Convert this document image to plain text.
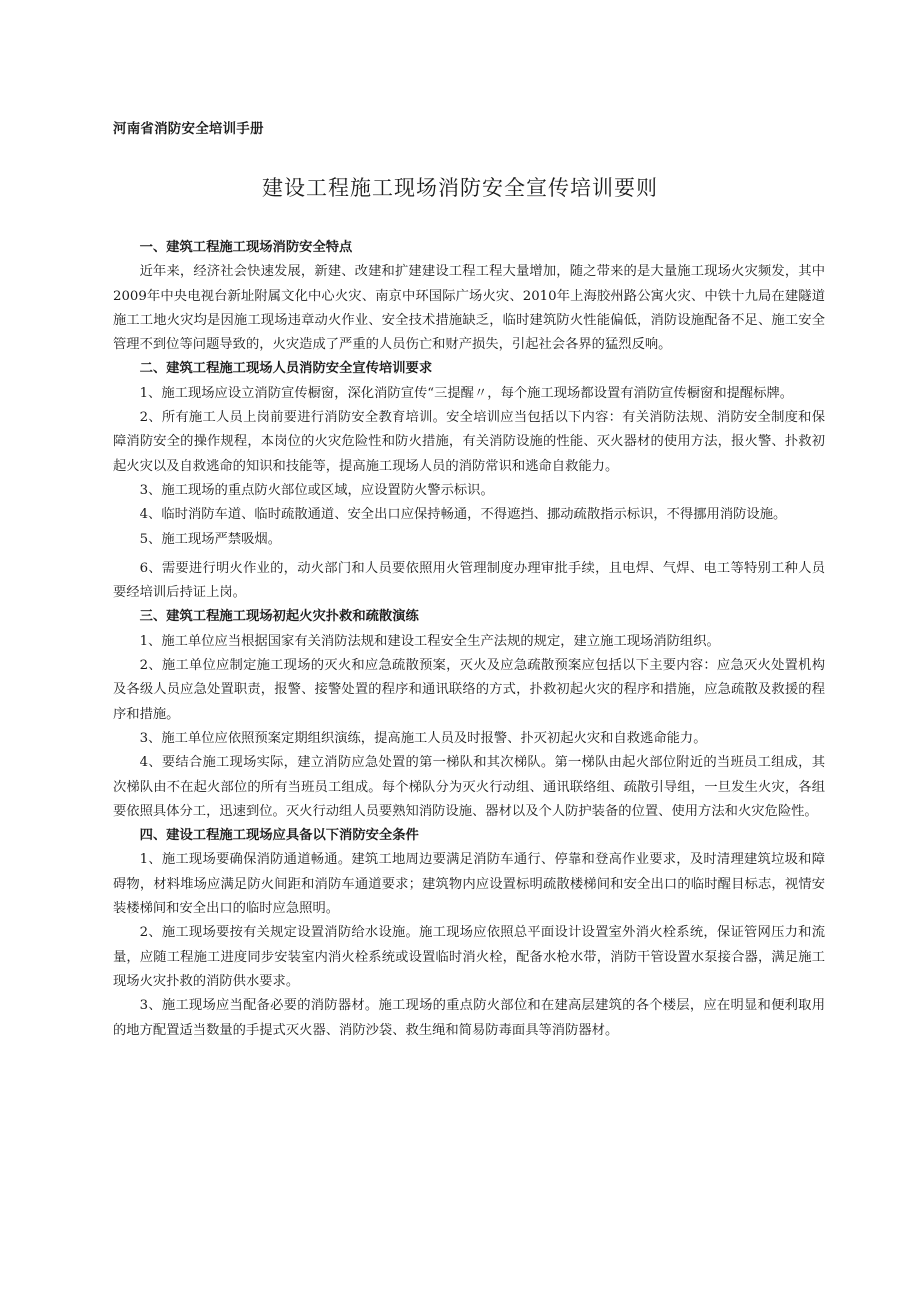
河南省消防安全培训手册
建设工程施工现场消防安全宣传培训要则

一、建筑工程施工现场消防安全特点

近年来，经济社会快速发展，新建、改建和扩建建设工程工程大量增加，随之带来的是大量施工现场火灾频发，其中2009年中央电视台新址附属文化中心火灾、南京中环国际广场火灾、2010年上海胶州路公寓火灾、中铁十九局在建隧道施工工地火灾均是因施工现场违章动火作业、安全技术措施缺乏，临时建筑防火性能偏低，消防设施配备不足、施工安全管理不到位等问题导致的，火灾造成了严重的人员伤亡和财产损失，引起社会各界的猛烈反响。

二、建筑工程施工现场人员消防安全宣传培训要求

1、施工现场应设立消防宣传橱窗，深化消防宣传“三提醒〃，每个施工现场都设置有消防宣传橱窗和提醒标牌。

2、所有施工人员上岗前要进行消防安全教育培训。安全培训应当包括以下内容：有关消防法规、消防安全制度和保障消防安全的操作规程，本岗位的火灾危险性和防火措施，有关消防设施的性能、灭火器材的使用方法，报火警、扑救初起火灾以及自救逃命的知识和技能等，提高施工现场人员的消防常识和逃命自救能力。

3、施工现场的重点防火部位或区域，应设置防火警示标识。

4、临时消防车道、临时疏散通道、安全出口应保持畅通，不得遮挡、挪动疏散指示标识，不得挪用消防设施。

5、施工现场严禁吸烟。

6、需要进行明火作业的，动火部门和人员要依照用火管理制度办理审批手续，且电焊、气焊、电工等特别工种人员要经培训后持证上岗。

三、建筑工程施工现场初起火灾扑救和疏散演练

1、施工单位应当根据国家有关消防法规和建设工程安全生产法规的规定，建立施工现场消防组织。

2、施工单位应制定施工现场的灭火和应急疏散预案，灭火及应急疏散预案应包括以下主要内容：应急灭火处置机构及各级人员应急处置职责，报警、接警处置的程序和通讯联络的方式，扑救初起火灾的程序和措施，应急疏散及救援的程序和措施。

3、施工单位应依照预案定期组织演练，提高施工人员及时报警、扑灭初起火灾和自救逃命能力。

4、要结合施工现场实际，建立消防应急处置的第一梯队和其次梯队。第一梯队由起火部位附近的当班员工组成，其次梯队由不在起火部位的所有当班员工组成。每个梯队分为灭火行动组、通讯联络组、疏散引导组，一旦发生火灾，各组要依照具体分工，迅速到位。灭火行动组人员要熟知消防设施、器材以及个人防护装备的位置、使用方法和火灾危险性。

四、建设工程施工现场应具备以下消防安全条件

1、施工现场要确保消防通道畅通。建筑工地周边要满足消防车通行、停靠和登高作业要求，及时清理建筑垃圾和障碍物，材料堆场应满足防火间距和消防车通道要求；建筑物内应设置标明疏散楼梯间和安全出口的临时醒目标志，视情安装楼梯间和安全出口的临时应急照明。

2、施工现场要按有关规定设置消防给水设施。施工现场应依照总平面设计设置室外消火栓系统，保证管网压力和流量，应随工程施工进度同步安装室内消火栓系统或设置临时消火栓，配备水枪水带，消防干管设置水泵接合器，满足施工现场火灾扑救的消防供水要求。

3、施工现场应当配备必要的消防器材。施工现场的重点防火部位和在建高层建筑的各个楼层，应在明显和便利取用的地方配置适当数量的手提式灭火器、消防沙袋、救生绳和简易防毒面具等消防器材。
